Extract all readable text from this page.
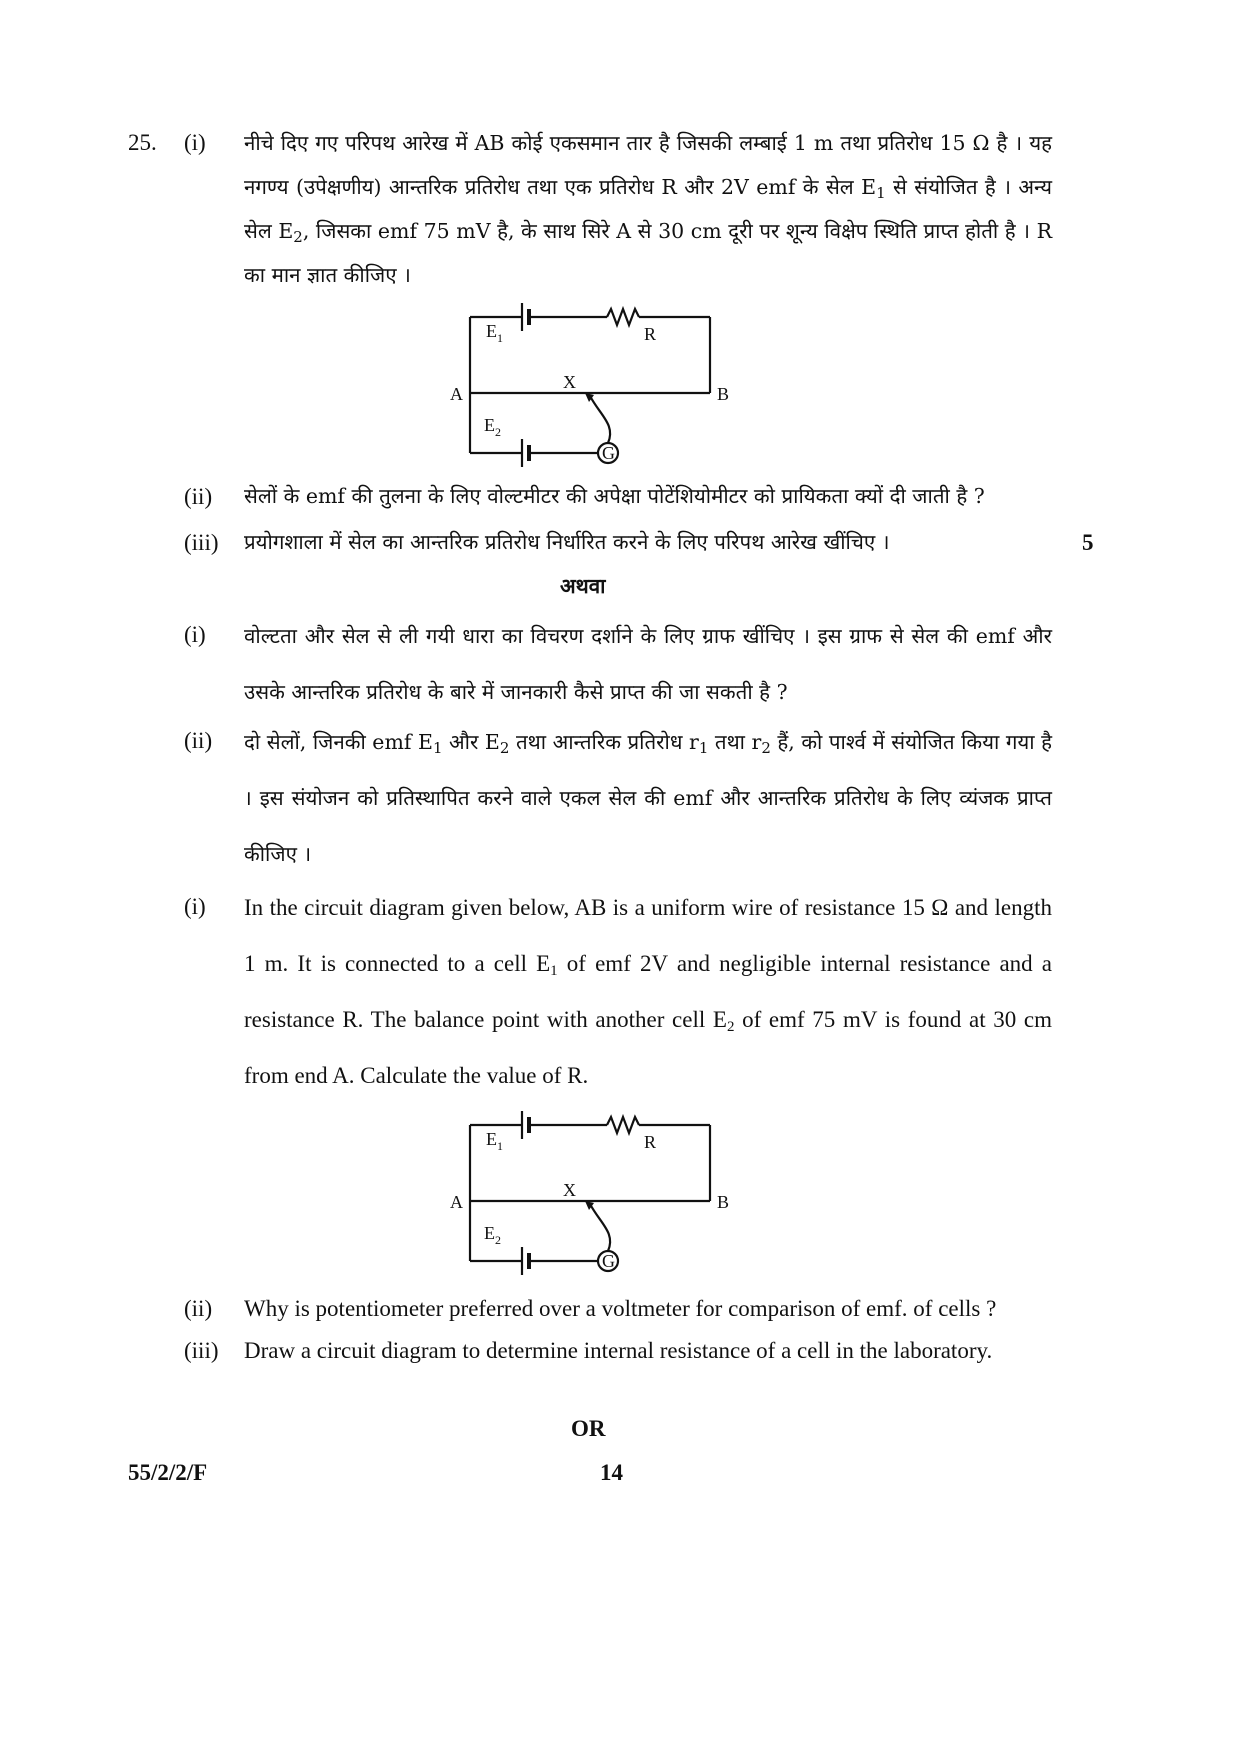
25. (i) नीचे दिए गए परिपथ आरेख में AB कोई एकसमान तार है जिसकी लम्बाई 1 m तथा प्रतिरोध 15 Ω है । यह नगण्य (उपेक्षणीय) आन्तरिक प्रतिरोध तथा एक प्रतिरोध R और 2V emf के सेल $E_1$ से संयोजित है । अन्य सेल $E_2$, जिसका emf 75 mV है, के साथ सिरे A से 30 cm दूरी पर शून्य विक्षेप स्थिति प्राप्त होती है । R का मान ज्ञात कीजिए ।
$E_1$	R
A	B
X
$E_2$
G
(ii) सेलों के emf की तुलना के लिए वोल्टमीटर की अपेक्षा पोटेंशियोमीटर को प्रायिकता क्यों दी जाती है ?
(iii) प्रयोगशाला में सेल का आन्तरिक प्रतिरोध निर्धारित करने के लिए परिपथ आरेख खींचिए ।	5
अथवा
(i) वोल्टता और सेल से ली गयी धारा का विचरण दर्शाने के लिए ग्राफ खींचिए । इस ग्राफ से सेल की emf और उसके आन्तरिक प्रतिरोध के बारे में जानकारी कैसे प्राप्त की जा सकती है ?
(ii) दो सेलों, जिनकी emf $E_1$ और $E_2$ तथा आन्तरिक प्रतिरोध $r_1$ तथा $r_2$ हैं, को पार्श्व में संयोजित किया गया है । इस संयोजन को प्रतिस्थापित करने वाले एकल सेल की emf और आन्तरिक प्रतिरोध के लिए व्यंजक प्राप्त कीजिए ।
(i) In the circuit diagram given below, AB is a uniform wire of resistance 15 Ω and length 1 m. It is connected to a cell $E_1$ of emf 2V and negligible internal resistance and a resistance R. The balance point with another cell $E_2$ of emf 75 mV is found at 30 cm from end A. Calculate the value of R.
$E_1$	R
A	B
X
$E_2$
G
(ii) Why is potentiometer preferred over a voltmeter for comparison of emf. of cells ?
(iii) Draw a circuit diagram to determine internal resistance of a cell in the laboratory.
OR
55/2/2/F	14
